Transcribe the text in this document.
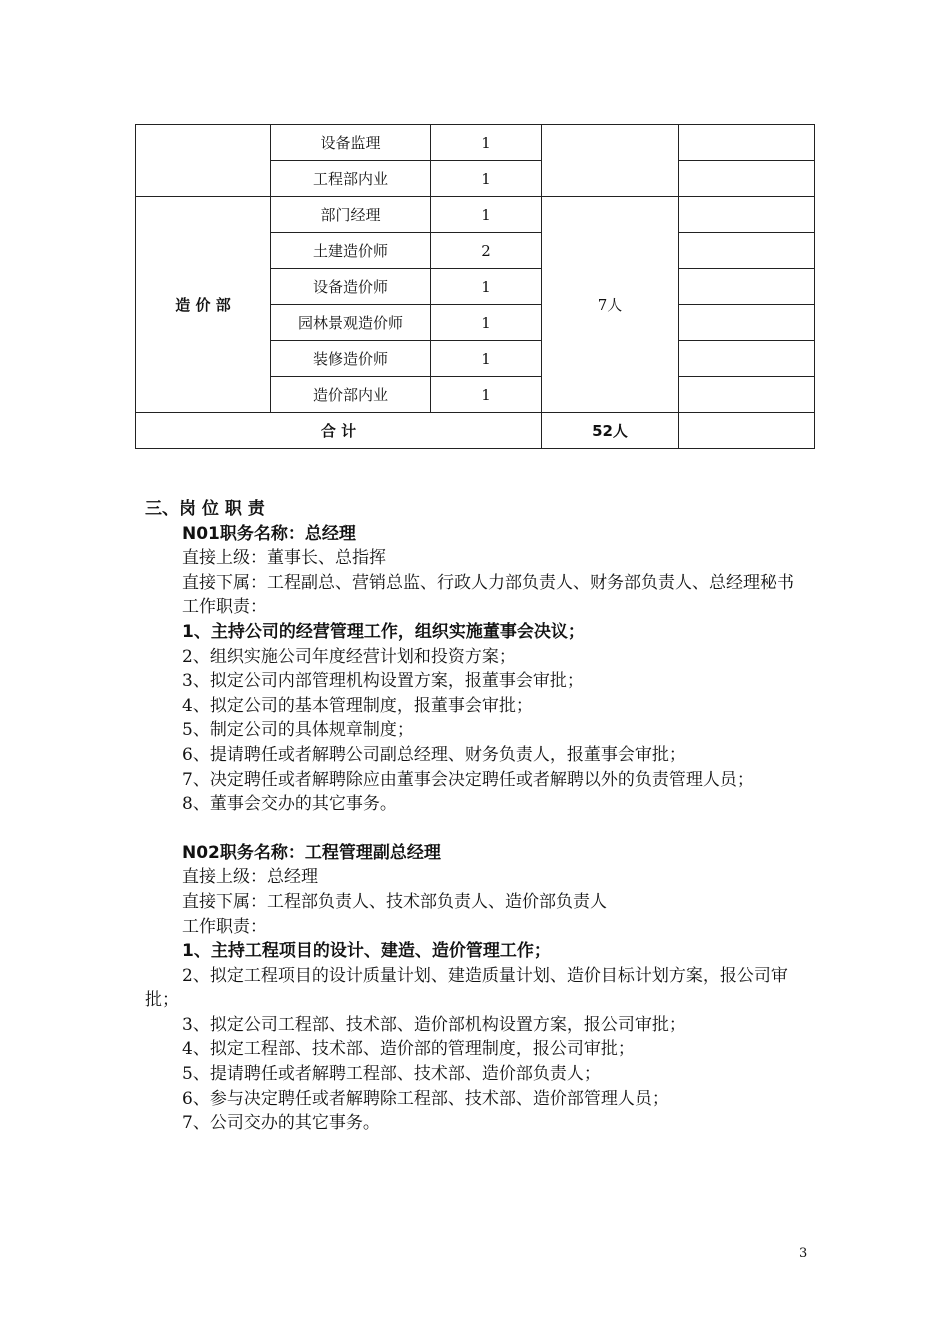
	设备监理	1		
	工程部内业	1		
造 价 部	部门经理	1	7人	
	土建造价师	2		
	设备造价师	1		
	园林景观造价师	1		
	装修造价师	1		
	造价部内业	1		
合 计			52人	

三、岗 位 职 责

N01职务名称：总经理

直接上级：董事长、总指挥

直接下属：工程副总、营销总监、行政人力部负责人、财务部负责人、总经理秘书

工作职责：

1、主持公司的经营管理工作，组织实施董事会决议；

2、组织实施公司年度经营计划和投资方案；

3、拟定公司内部管理机构设置方案，报董事会审批；

4、拟定公司的基本管理制度，报董事会审批；

5、制定公司的具体规章制度；

6、提请聘任或者解聘公司副总经理、财务负责人，报董事会审批；

7、决定聘任或者解聘除应由董事会决定聘任或者解聘以外的负责管理人员；

8、董事会交办的其它事务。

N02职务名称：工程管理副总经理

直接上级：总经理

直接下属：工程部负责人、技术部负责人、造价部负责人

工作职责：

1、主持工程项目的设计、建造、造价管理工作；

2、拟定工程项目的设计质量计划、建造质量计划、造价目标计划方案，报公司审批；

3、拟定公司工程部、技术部、造价部机构设置方案，报公司审批；

4、拟定工程部、技术部、造价部的管理制度，报公司审批；

5、提请聘任或者解聘工程部、技术部、造价部负责人；

6、参与决定聘任或者解聘除工程部、技术部、造价部管理人员；

7、公司交办的其它事务。

3
